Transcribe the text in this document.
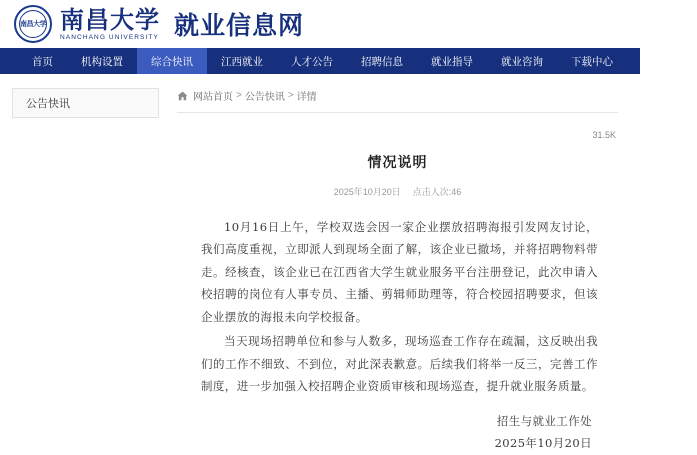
南昌大学 南昌大学
NANCHANG UNIVERSITY 就业信息网
首页	机构设置	综合快讯	江西就业	人才公告	招聘信息	就业指导	就业咨询	下载中心	办事指南
公告快讯
网站首页 > 公告快讯 > 详情
31.5K
情况说明
2025年10月20日 点击人次:46

10月16日上午，学校双选会因一家企业摆放招聘海报引发网友讨论，我们高度重视，立即派人到现场全面了解，该企业已撤场，并将招聘物料带走。经核查，该企业已在江西省大学生就业服务平台注册登记，此次申请入校招聘的岗位有人事专员、主播、剪辑师助理等，符合校园招聘要求，但该企业摆放的海报未向学校报备。

当天现场招聘单位和参与人数多，现场巡查工作存在疏漏，这反映出我们的工作不细致、不到位，对此深表歉意。后续我们将举一反三，完善工作制度，进一步加强入校招聘企业资质审核和现场巡查，提升就业服务质量。

招生与就业工作处
2025年10月20日
